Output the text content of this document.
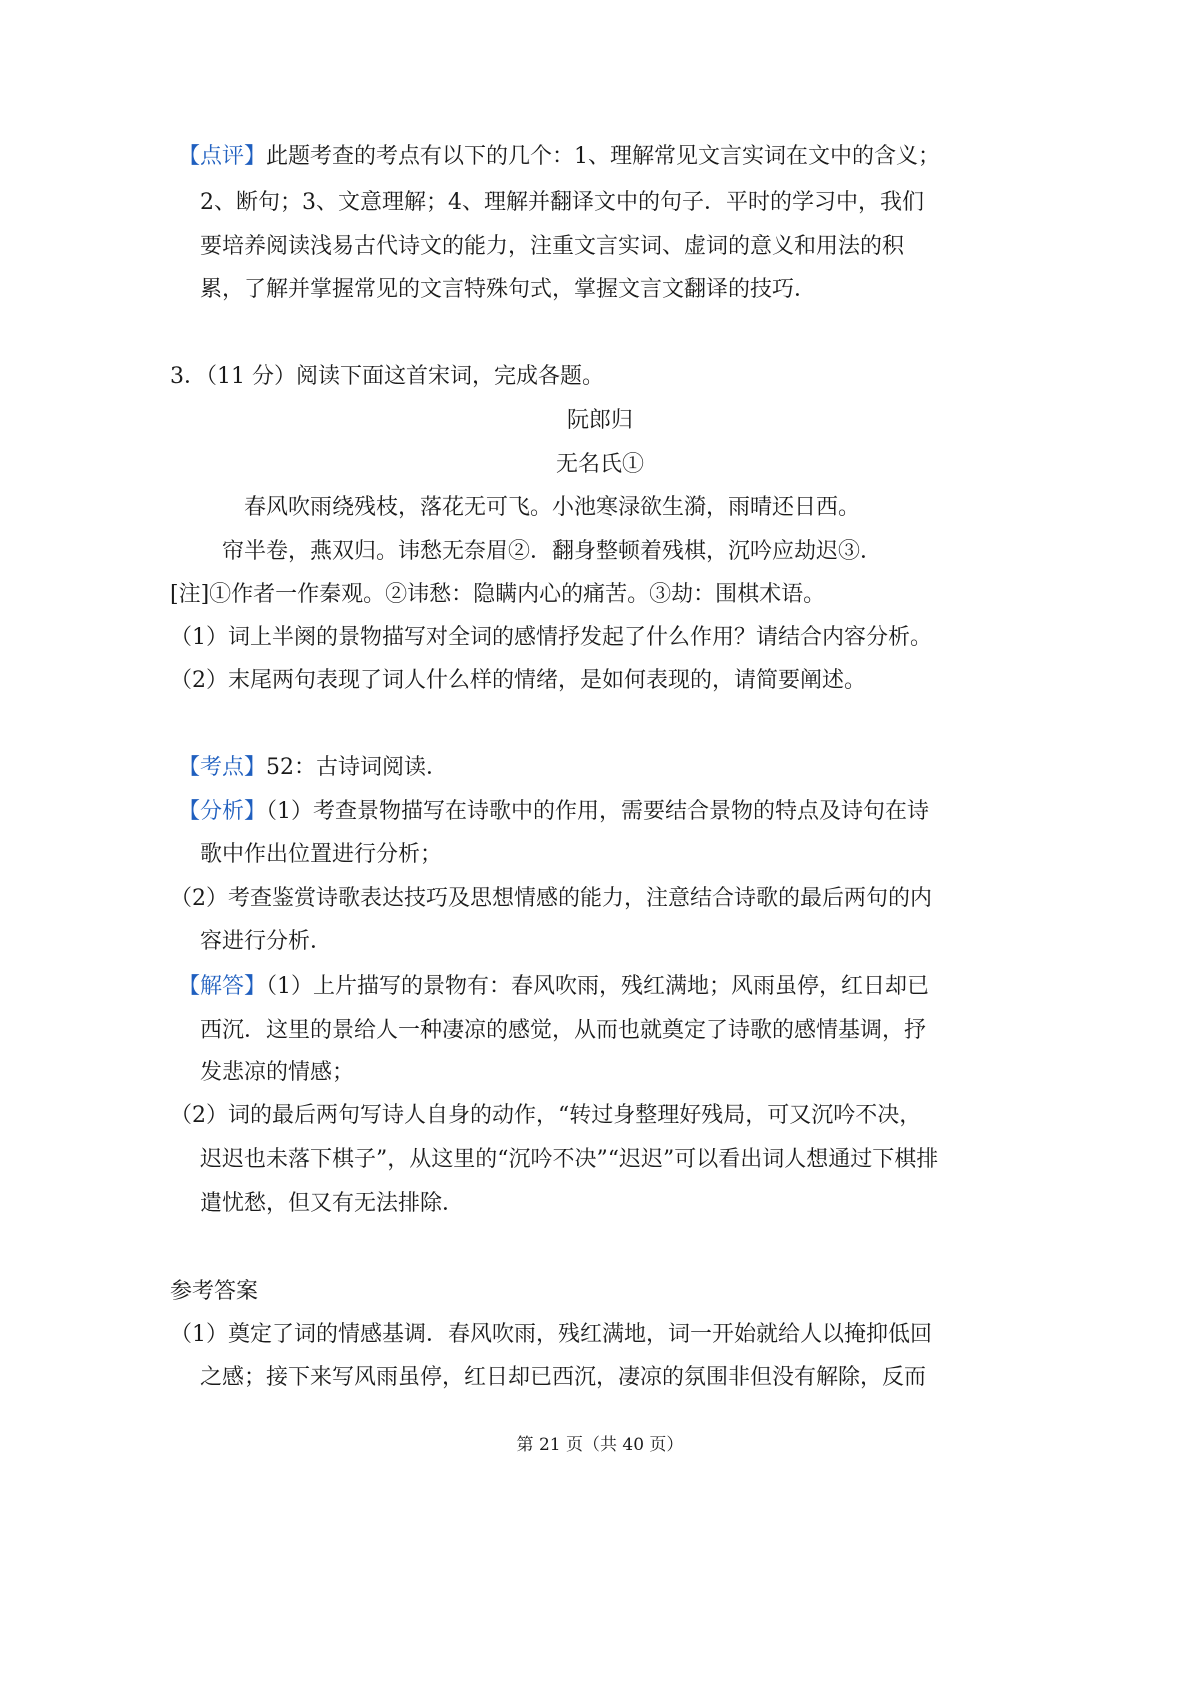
【点评】此题考查的考点有以下的几个：1、理解常见文言实词在文中的含义；
2、断句；3、文意理解；4、理解并翻译文中的句子．平时的学习中，我们
要培养阅读浅易古代诗文的能力，注重文言实词、虚词的意义和用法的积
累，了解并掌握常见的文言特殊句式，掌握文言文翻译的技巧．
3．（11 分）阅读下面这首宋词，完成各题。
阮郎归
无名氏①
春风吹雨绕残枝，落花无可飞。小池寒渌欲生漪，雨晴还日西。
帘半卷，燕双归。讳愁无奈眉②．翻身整顿着残棋，沉吟应劫迟③．
[注]①作者一作秦观。②讳愁：隐瞒内心的痛苦。③劫：围棋术语。
（1）词上半阕的景物描写对全词的感情抒发起了什么作用？请结合内容分析。
（2）末尾两句表现了词人什么样的情绪，是如何表现的，请简要阐述。
【考点】52：古诗词阅读．
【分析】（1）考查景物描写在诗歌中的作用，需要结合景物的特点及诗句在诗
歌中作出位置进行分析；
（2）考查鉴赏诗歌表达技巧及思想情感的能力，注意结合诗歌的最后两句的内
容进行分析．
【解答】（1）上片描写的景物有：春风吹雨，残红满地；风雨虽停，红日却已
西沉．这里的景给人一种凄凉的感觉，从而也就奠定了诗歌的感情基调，抒
发悲凉的情感；
（2）词的最后两句写诗人自身的动作，“转过身整理好残局，可又沉吟不决，
迟迟也未落下棋子”，从这里的“沉吟不决”“迟迟”可以看出词人想通过下棋排
遣忧愁，但又有无法排除．
参考答案
（1）奠定了词的情感基调．春风吹雨，残红满地，词一开始就给人以掩抑低回
之感；接下来写风雨虽停，红日却已西沉，凄凉的氛围非但没有解除，反而
第 21 页（共 40 页）
